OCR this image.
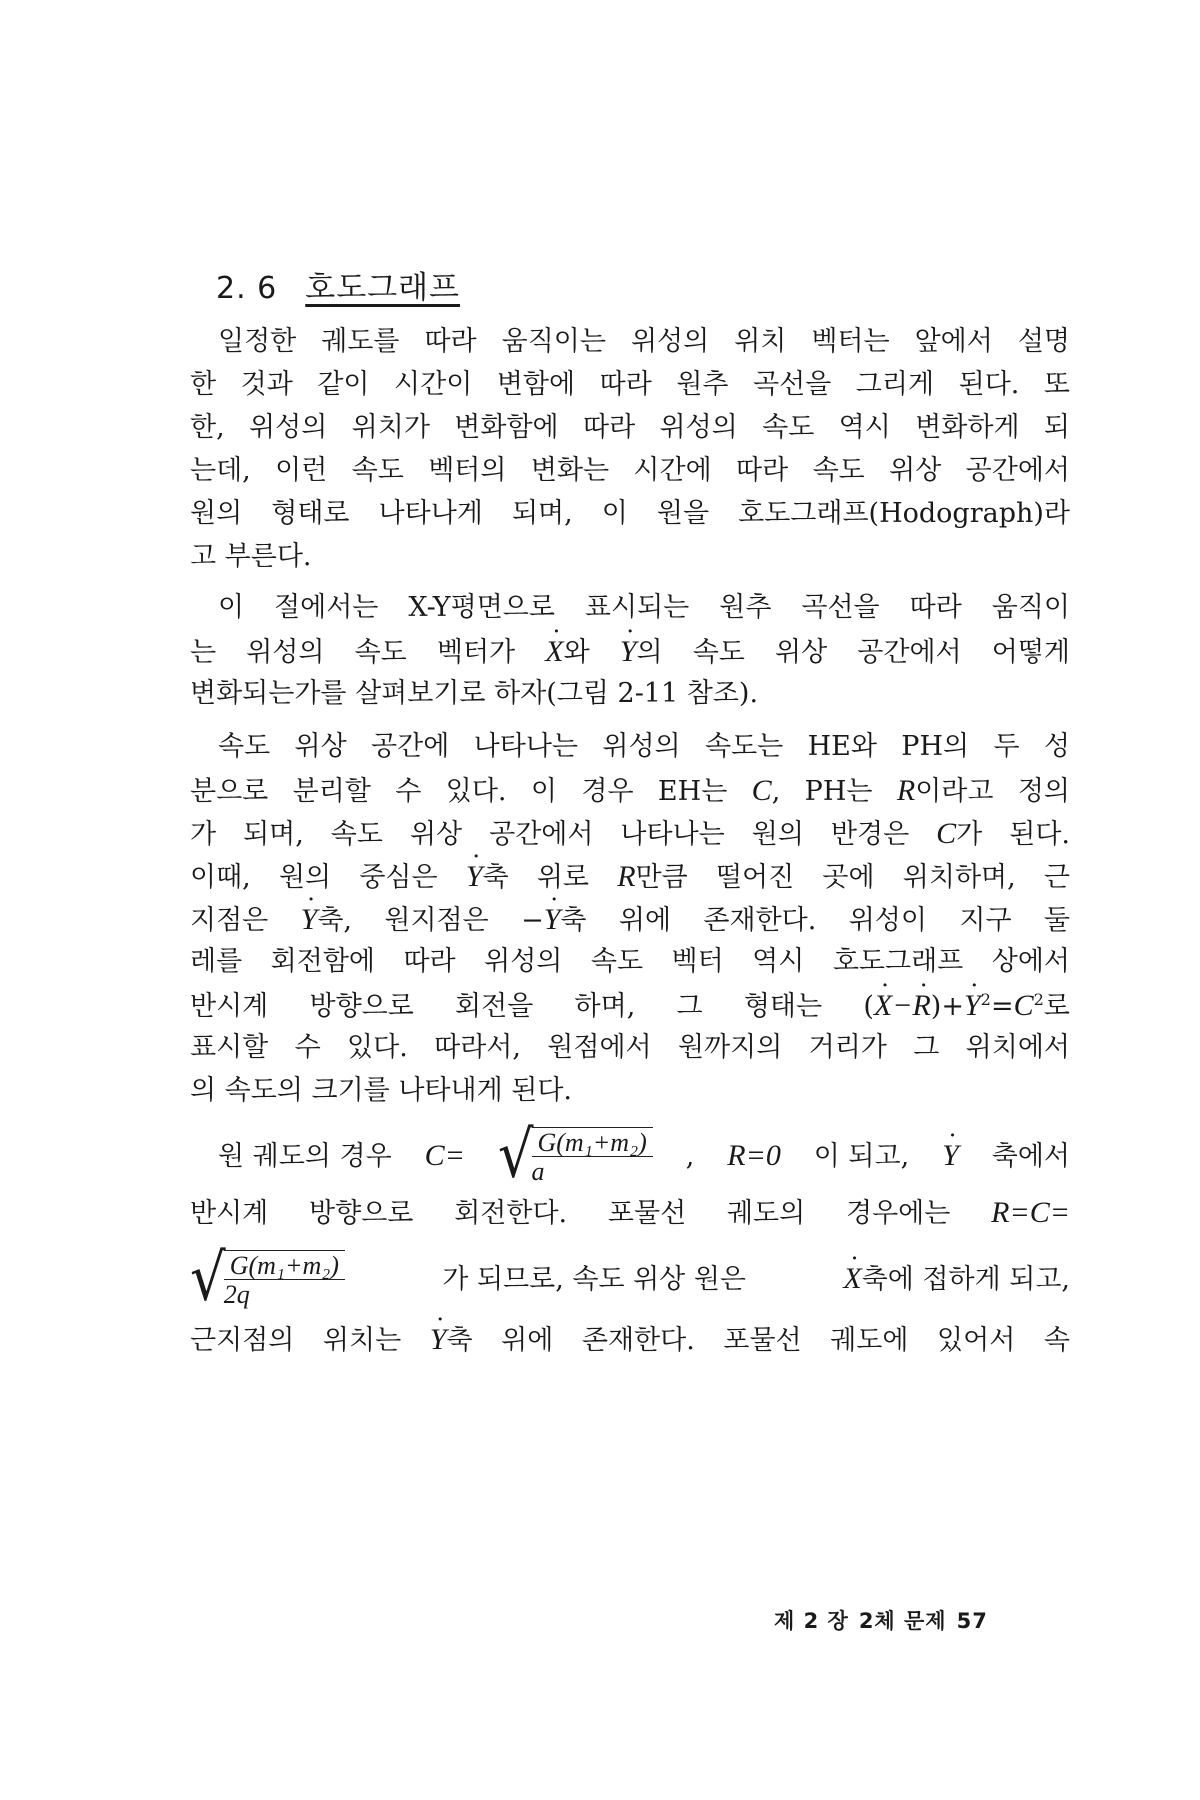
2. 6 호도그래프
일정한 궤도를 따라 움직이는 위성의 위치 벡터는 앞에서 설명
한 것과 같이 시간이 변함에 따라 원추 곡선을 그리게 된다. 또
한, 위성의 위치가 변화함에 따라 위성의 속도 역시 변화하게 되
는데, 이런 속도 벡터의 변화는 시간에 따라 속도 위상 공간에서
원의 형태로 나타나게 되며, 이 원을 호도그래프(Hodograph)라
고 부른다.
이 절에서는 X-Y평면으로 표시되는 원추 곡선을 따라 움직이
는 위성의 속도 벡터가 ˙ X와 ˙ Y의 속도 위상 공간에서 어떻게
변화되는가를 살펴보기로 하자(그림 2-11 참조).
속도 위상 공간에 나타나는 위성의 속도는 HE와 PH의 두 성
분으로 분리할 수 있다. 이 경우 EH는 C, PH는 R이라고 정의
가 되며, 속도 위상 공간에서 나타나는 원의 반경은 C가 된다.
이때, 원의 중심은 ˙ Y축 위로 R만큼 떨어진 곳에 위치하며, 근
지점은 ˙ Y축, 원지점은 −˙ Y축 위에 존재한다. 위성이 지구 둘
레를 회전함에 따라 위성의 속도 벡터 역시 호도그래프 상에서
반시계 방향으로 회전을 하며, 그 형태는 (˙ X−˙ R)+˙ $Y^2=C^2$로
표시할 수 있다. 따라서, 원점에서 원까지의 거리가 그 위치에서
의 속도의 크기를 나타내게 된다.
원 궤도의 경우 C= √
$\frac{\text{G(m₁+m₂)}}{a}$ , R=0 이 되고, ˙ Y 축에서
반시계 방향으로 회전한다. 포물선 궤도의 경우에는 R=C=
√
$\frac{\text{G(m₁+m₂)}}{2q}$	가 되므로, 속도 위상 원은	˙ X축에 접하게 되고,
근지점의 위치는 ˙ Y축 위에 존재한다. 포물선 궤도에 있어서 속
제 2 장 2체 문제 57
